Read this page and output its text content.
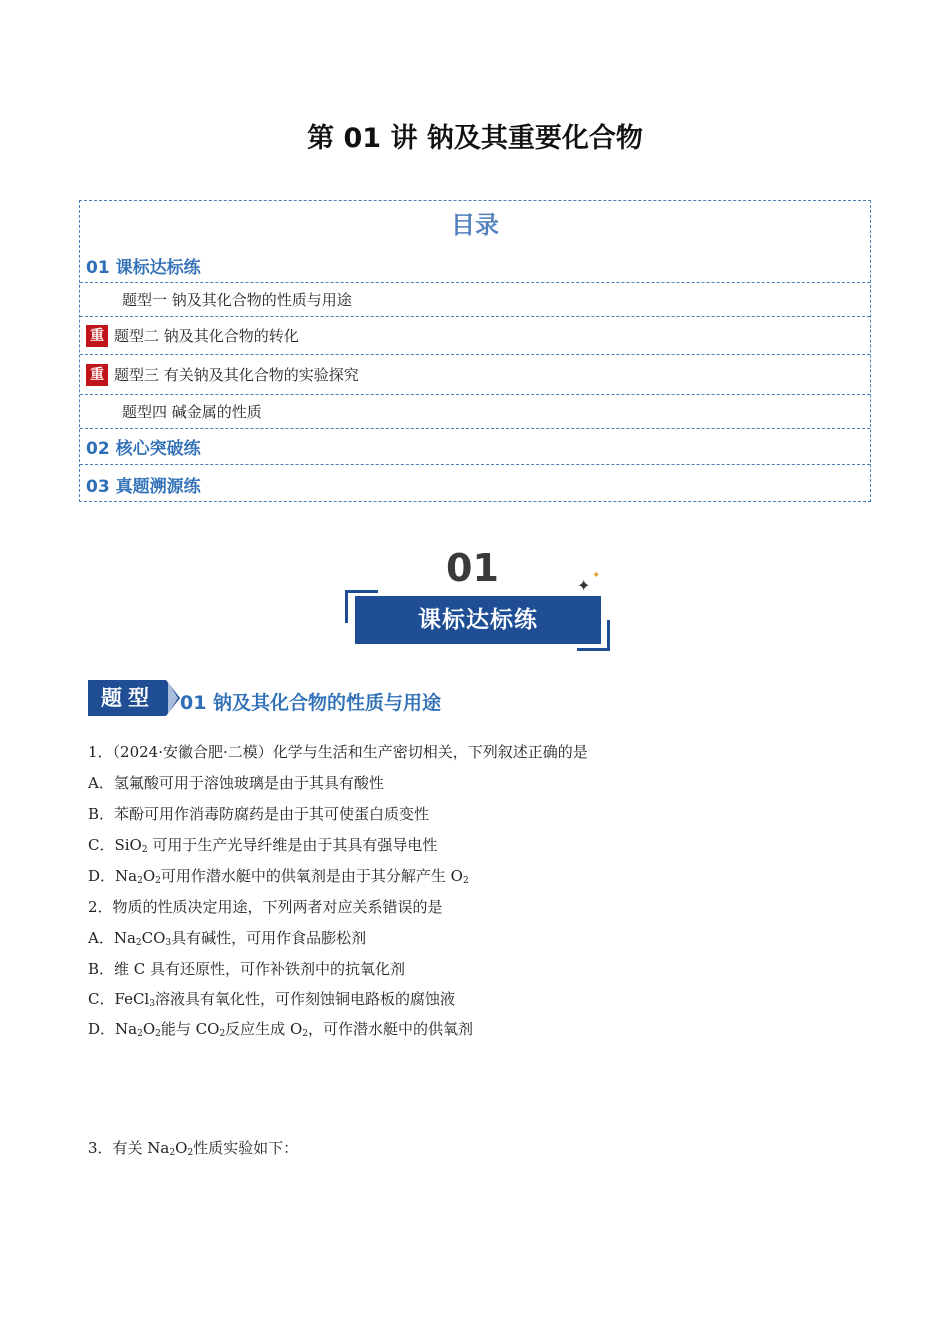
第 01 讲 钠及其重要化合物
目录
01 课标达标练
题型一 钠及其化合物的性质与用途
重 题型二 钠及其化合物的转化
重 题型三 有关钠及其化合物的实验探究
题型四 碱金属的性质
02 核心突破练
03 真题溯源练
01
课标达标练
✦
✦
题型	01 钠及其化合物的性质与用途
1．（2024·安徽合肥·二模）化学与生活和生产密切相关，下列叙述正确的是
A．氢氟酸可用于溶蚀玻璃是由于其具有酸性
B．苯酚可用作消毒防腐药是由于其可使蛋白质变性
C．SiO$_2$ 可用于生产光导纤维是由于其具有强导电性
D．$Na_2O_2$可用作潜水艇中的供氧剂是由于其分解产生 $O_2$
2．物质的性质决定用途，下列两者对应关系错误的是
A．$Na_2CO_3$具有碱性，可用作食品膨松剂
B．维 C 具有还原性，可作补铁剂中的抗氧化剂
C．FeCl$_3$溶液具有氧化性，可作刻蚀铜电路板的腐蚀液
D．$Na_2O_2$能与 $CO_2$反应生成 $O_2$，可作潜水艇中的供氧剂
3．有关 $Na_2O_2$性质实验如下：
